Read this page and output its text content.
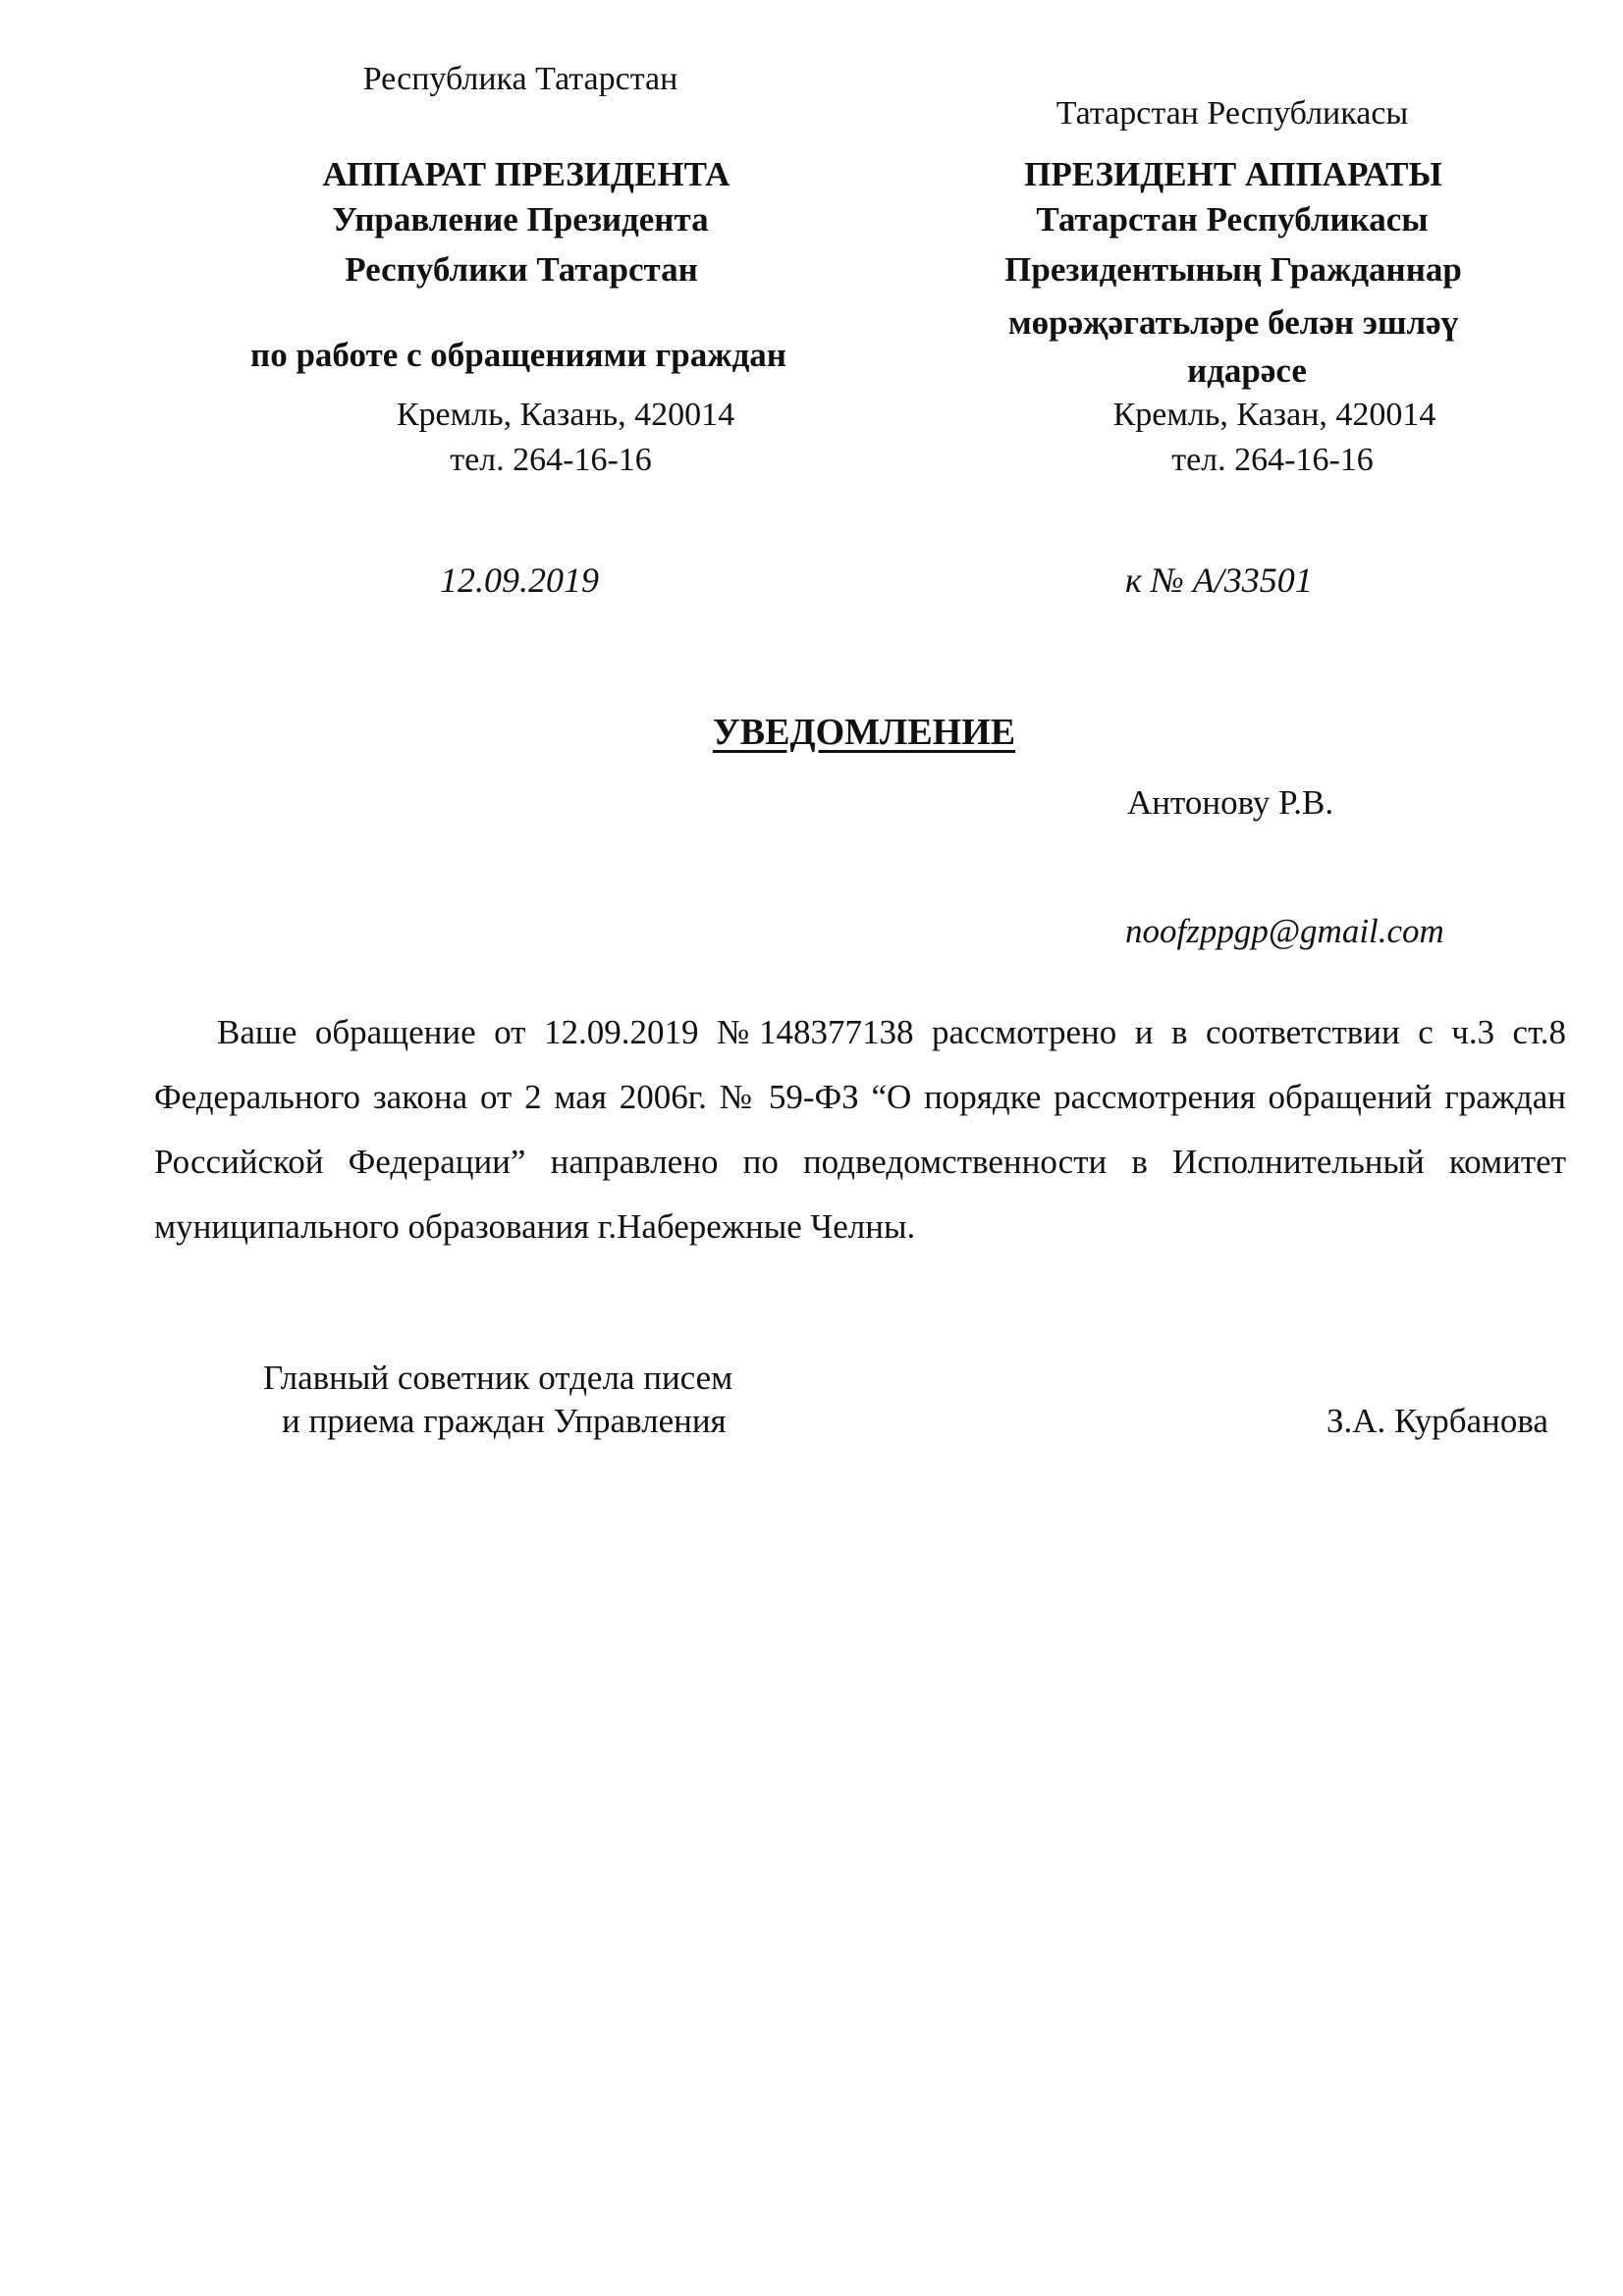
Республика Татарстан
АППАРАТ ПРЕЗИДЕНТА
Управление Президента
Республики Татарстан
по работе с обращениями граждан
Кремль, Казань, 420014
тел. 264-16-16
Татарстан Республикасы
ПРЕЗИДЕНТ АППАРАТЫ
Татарстан Республикасы
Президентының Гражданнар
мөрәҗәгатьләре белән эшләү
идарәсе
Кремль, Казан, 420014
тел. 264-16-16
12.09.2019	к № А/33501
УВЕДОМЛЕНИЕ
Антонову Р.В.
noofzppgp@gmail.com
Ваше обращение от 12.09.2019 №148377138 рассмотрено и в соответствии с ч.3 ст.8 Федерального закона от 2 мая 2006г. № 59-ФЗ “О порядке рассмотрения обращений граждан Российской Федерации” направлено по подведомственности в Исполнительный комитет муниципального образования г.Набережные Челны.
Главный советник отдела писем
и приема граждан Управления	З.А. Курбанова
